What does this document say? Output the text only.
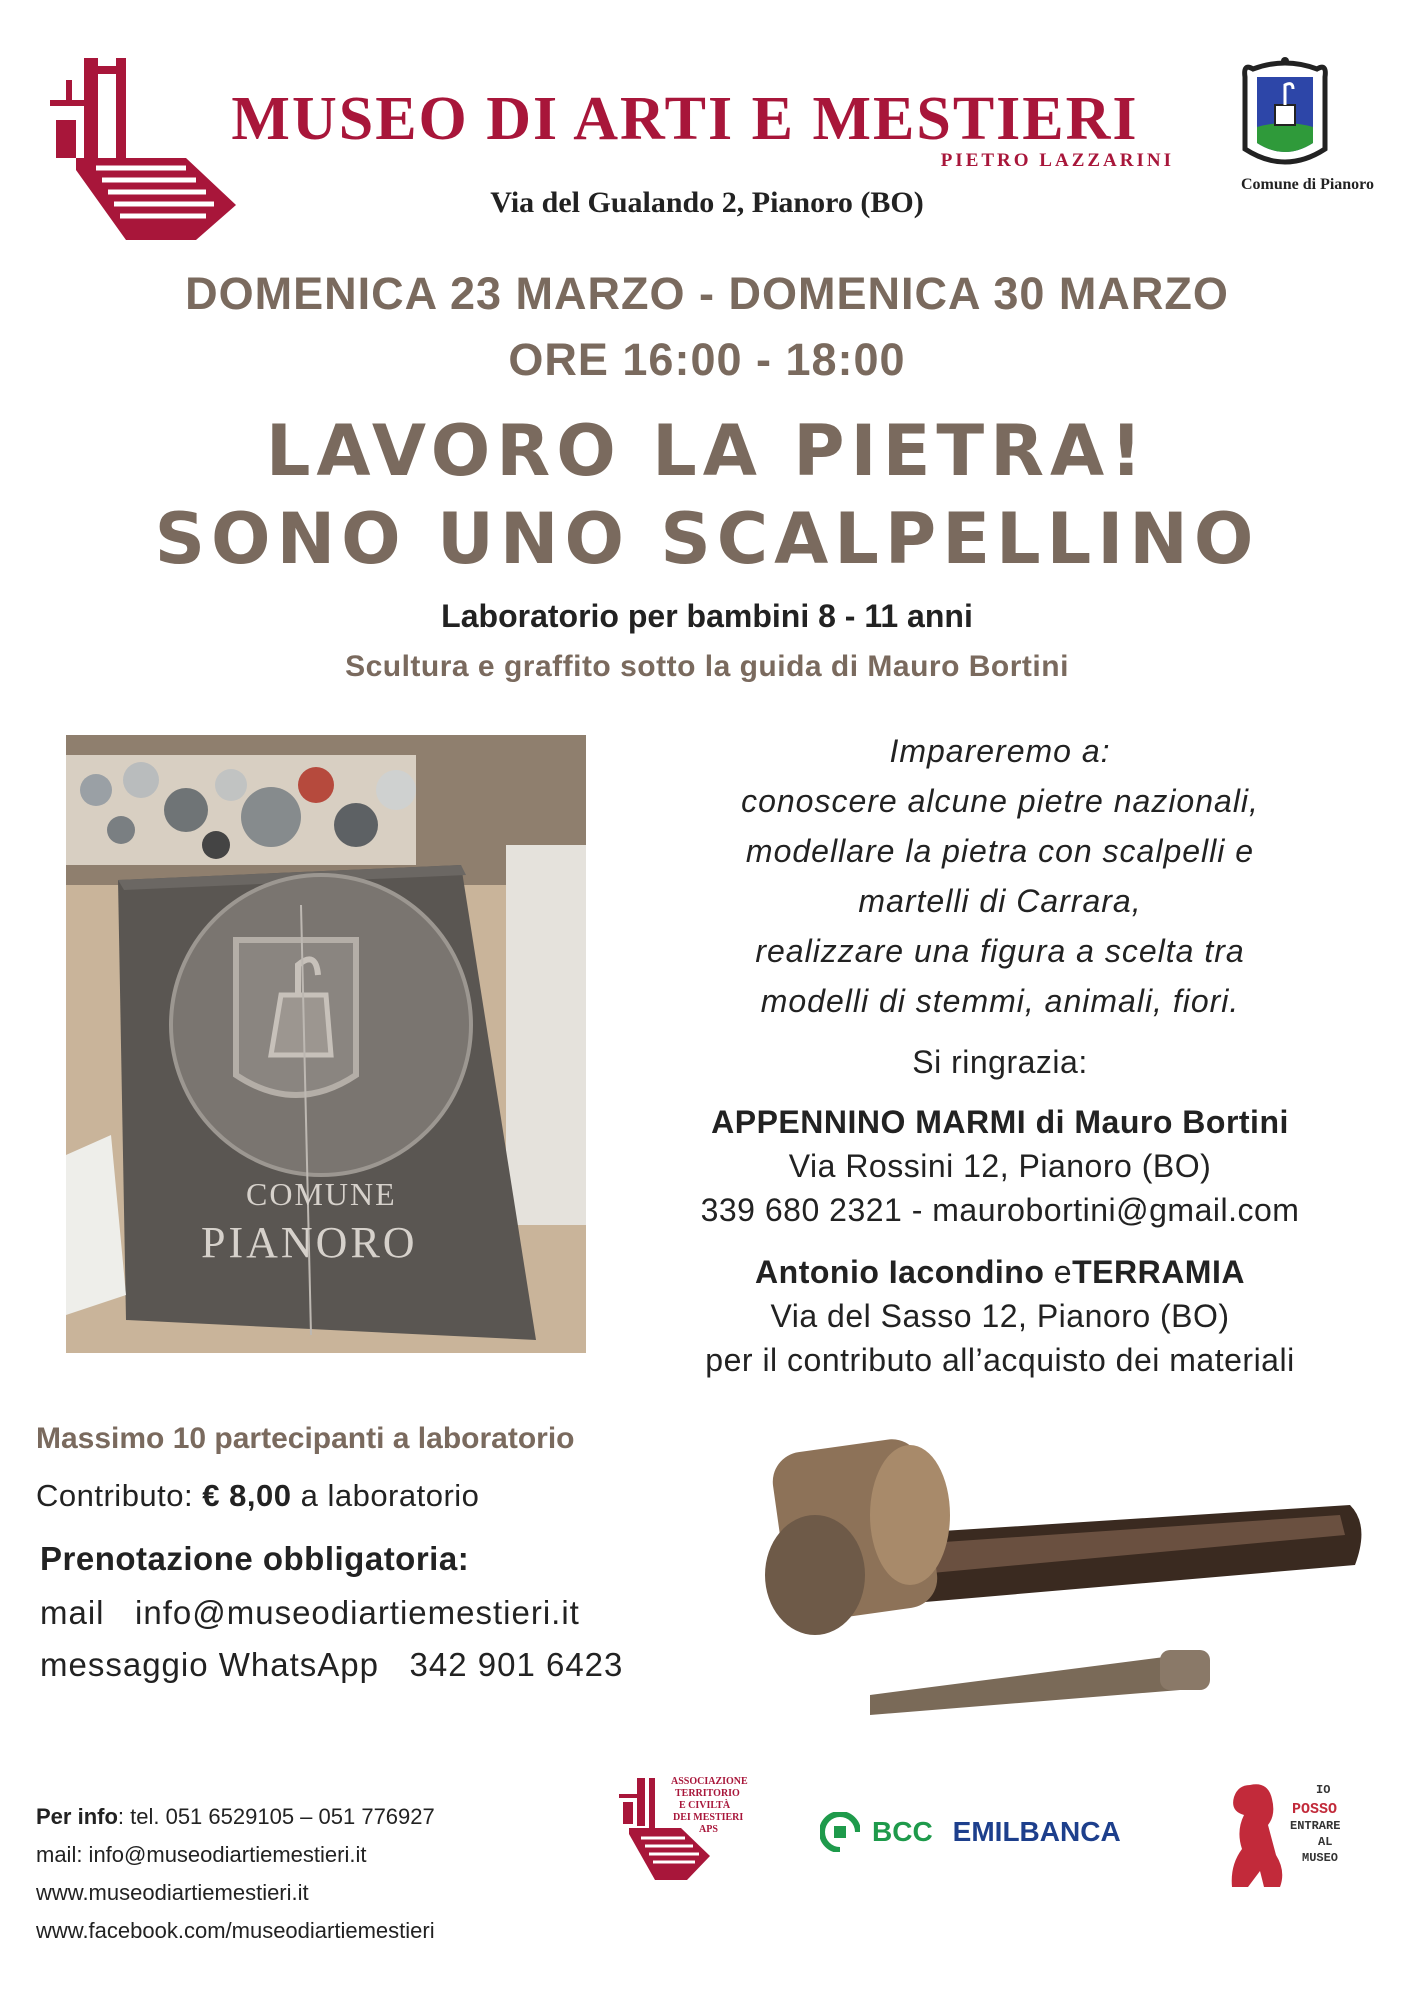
MUSEO DI ARTI E MESTIERI
PIETRO LAZZARINI
Via del Gualando 2, Pianoro (BO)
Comune di Pianoro
DOMENICA 23 MARZO - DOMENICA 30 MARZO
ORE 16:00 - 18:00
LAVORO LA PIETRA!
SONO UNO SCALPELLINO
Laboratorio per bambini 8 - 11 anni
Scultura e graffito sotto la guida di Mauro Bortini
COMUNE
PIANORO
Impareremo a:
conoscere alcune pietre nazionali,
modellare la pietra con scalpelli e
martelli di Carrara,
realizzare una figura a scelta tra
modelli di stemmi, animali, fiori.
Si ringrazia:
APPENNINO MARMI di Mauro Bortini
Via Rossini 12, Pianoro (BO)
339 680 2321 - maurobortini@gmail.com
Antonio Iacondino eTERRAMIA
Via del Sasso 12, Pianoro (BO)
per il contributo all’acquisto dei materiali
Massimo 10 partecipanti a laboratorio
Contributo: € 8,00 a laboratorio
Prenotazione obbligatoria:
mail info@museodiartiemestieri.it
messaggio WhatsApp 342 901 6423
Per info: tel. 051 6529105 – 051 776927
mail: info@museodiartiemestieri.it
www.museodiartiemestieri.it
www.facebook.com/museodiartiemestieri
ASSOCIAZIONE
TERRITORIO
E CIVILTÀ
DEI MESTIERI
APS	BCC EMILBANCA
IO
POSSO
ENTRARE
AL
MUSEO
